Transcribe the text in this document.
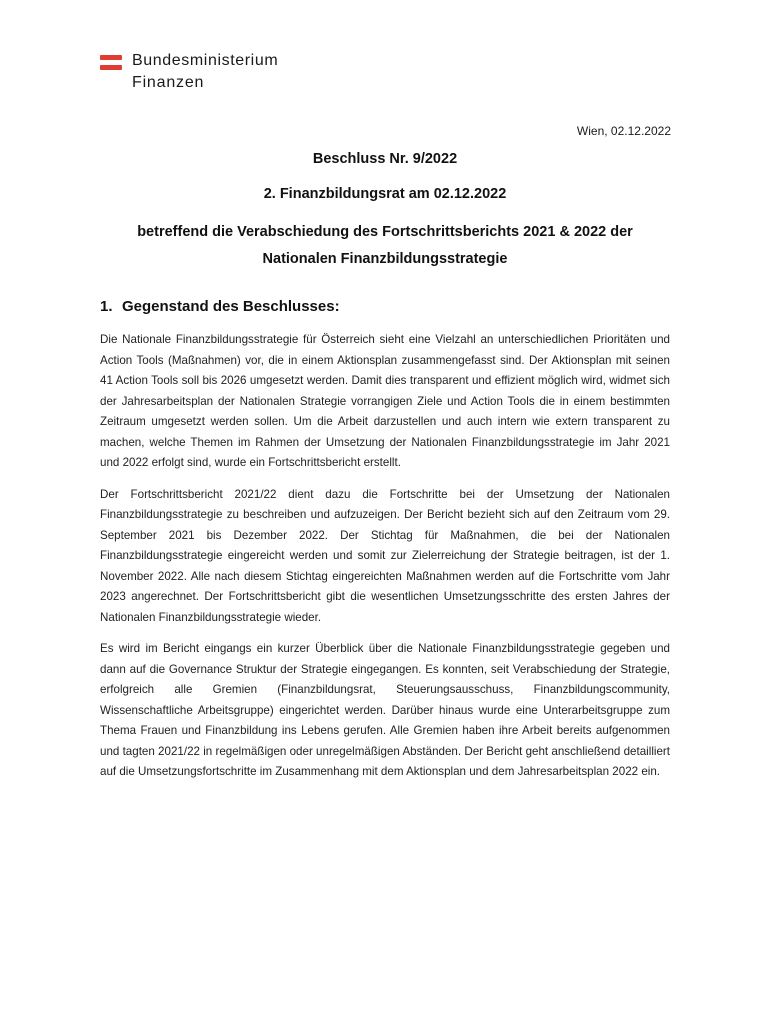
Bundesministerium
Finanzen
Wien, 02.12.2022
Beschluss Nr. 9/2022
2. Finanzbildungsrat am 02.12.2022
betreffend die Verabschiedung des Fortschrittsberichts 2021 & 2022 der Nationalen Finanzbildungsstrategie
1. Gegenstand des Beschlusses:

Die Nationale Finanzbildungsstrategie für Österreich sieht eine Vielzahl an unterschiedlichen Prioritäten und Action Tools (Maßnahmen) vor, die in einem Aktionsplan zusammengefasst sind. Der Aktionsplan mit seinen 41 Action Tools soll bis 2026 umgesetzt werden. Damit dies transparent und effizient möglich wird, widmet sich der Jahresarbeitsplan der Nationalen Strategie vorrangigen Ziele und Action Tools die in einem bestimmten Zeitraum umgesetzt werden sollen. Um die Arbeit darzustellen und auch intern wie extern transparent zu machen, welche Themen im Rahmen der Umsetzung der Nationalen Finanzbildungsstrategie im Jahr 2021 und 2022 erfolgt sind, wurde ein Fortschrittsbericht erstellt.

Der Fortschrittsbericht 2021/22 dient dazu die Fortschritte bei der Umsetzung der Nationalen Finanzbildungsstrategie zu beschreiben und aufzuzeigen. Der Bericht bezieht sich auf den Zeitraum vom 29. September 2021 bis Dezember 2022. Der Stichtag für Maßnahmen, die bei der Nationalen Finanzbildungsstrategie eingereicht werden und somit zur Zielerreichung der Strategie beitragen, ist der 1. November 2022. Alle nach diesem Stichtag eingereichten Maßnahmen werden auf die Fortschritte vom Jahr 2023 angerechnet. Der Fortschrittsbericht gibt die wesentlichen Umsetzungsschritte des ersten Jahres der Nationalen Finanzbildungsstrategie wieder.

Es wird im Bericht eingangs ein kurzer Überblick über die Nationale Finanzbildungsstrategie gegeben und dann auf die Governance Struktur der Strategie eingegangen. Es konnten, seit Verabschiedung der Strategie, erfolgreich alle Gremien (Finanzbildungsrat, Steuerungsausschuss, Finanzbildungscommunity, Wissenschaftliche Arbeitsgruppe) eingerichtet werden. Darüber hinaus wurde eine Unterarbeitsgruppe zum Thema Frauen und Finanzbildung ins Lebens gerufen. Alle Gremien haben ihre Arbeit bereits aufgenommen und tagten 2021/22 in regelmäßigen oder unregelmäßigen Abständen. Der Bericht geht anschließend detailliert auf die Umsetzungsfortschritte im Zusammenhang mit dem Aktionsplan und dem Jahresarbeitsplan 2022 ein.
